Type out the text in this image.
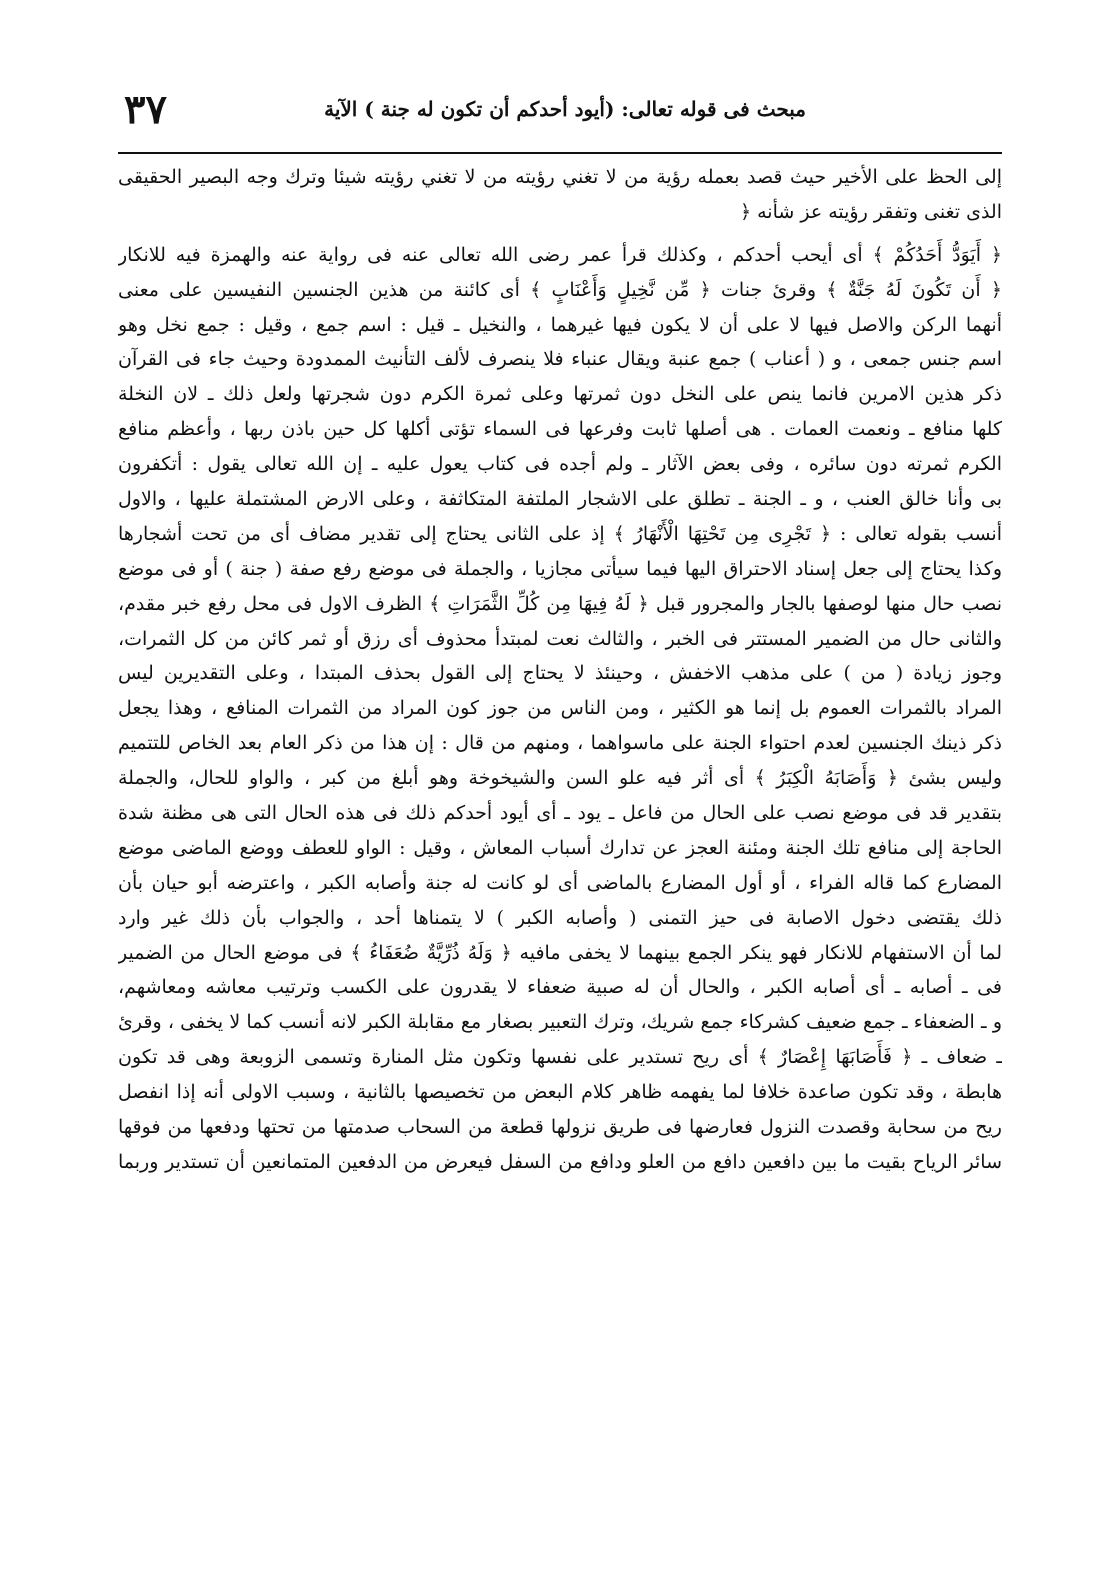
مبحث فى قوله تعالى: (أيود أحدكم أن تكون له جنة ) الآية
٣٧
إلى الحظ على الأخير حيث قصد بعمله رؤية من لا تغني رؤيته من لا تغني رؤيته شيئا وترك وجه البصير الحقيقى
الذى تغنى وتفقر رؤيته عز شأنه ﴿
﴿ أَيَوَدُّ أَحَدُكُمْ ﴾ أى أيحب أحدكم ، وكذلك قرأ عمر رضى الله تعالى عنه فى رواية عنه والهمزة فيه للانكار
﴿ أَن تَكُونَ لَهُ جَنَّةٌ ﴾ وقرئ جنات ﴿ مِّن نَّخِيلٍ وَأَعْنَابٍ ﴾ أى كائنة من هذين الجنسين النفيسين على معنى
أنهما الركن والاصل فيها لا على أن لا يكون فيها غيرهما ، والنخيل ـ قيل : اسم جمع ، وقيل : جمع نخل وهو
اسم جنس جمعى ، و ( أعناب ) جمع عنبة ويقال عنباء فلا ينصرف لألف التأنيث الممدودة وحيث جاء فى القرآن
ذكر هذين الامرين فانما ينص على النخل دون ثمرتها وعلى ثمرة الكرم دون شجرتها ولعل ذلك ـ لان النخلة
كلها منافع ـ ونعمت العمات . هى أصلها ثابت وفرعها فى السماء تؤتى أكلها كل حين باذن ربها ، وأعظم منافع
الكرم ثمرته دون سائره ، وفى بعض الآثار ـ ولم أجده فى كتاب يعول عليه ـ إن الله تعالى يقول : أتكفرون
بى وأنا خالق العنب ، و ـ الجنة ـ تطلق على الاشجار الملتفة المتكاثفة ، وعلى الارض المشتملة عليها ، والاول
أنسب بقوله تعالى : ﴿ تَجْرِى مِن تَحْتِهَا الْأَنْهَارُ ﴾ إذ على الثانى يحتاج إلى تقدير مضاف أى من تحت أشجارها
وكذا يحتاج إلى جعل إسناد الاحتراق اليها فيما سيأتى مجازيا ، والجملة فى موضع رفع صفة ( جنة ) أو فى موضع
نصب حال منها لوصفها بالجار والمجرور قبل ﴿ لَهُ فِيهَا مِن كُلِّ الثَّمَرَاتِ ﴾ الظرف الاول فى محل رفع خبر مقدم،
والثانى حال من الضمير المستتر فى الخبر ، والثالث نعت لمبتدأ محذوف أى رزق أو ثمر كائن من كل الثمرات،
وجوز زيادة ( من ) على مذهب الاخفش ، وحينئذ لا يحتاج إلى القول بحذف المبتدا ، وعلى التقديرين ليس
المراد بالثمرات العموم بل إنما هو الكثير ، ومن الناس من جوز كون المراد من الثمرات المنافع ، وهذا يجعل
ذكر ذينك الجنسين لعدم احتواء الجنة على ماسواهما ، ومنهم من قال : إن هذا من ذكر العام بعد الخاص للتتميم
وليس بشئ ﴿ وَأَصَابَهُ الْكِبَرُ ﴾ أى أثر فيه علو السن والشيخوخة وهو أبلغ من كبر ، والواو للحال، والجملة
بتقدير قد فى موضع نصب على الحال من فاعل ـ يود ـ أى أيود أحدكم ذلك فى هذه الحال التى هى مظنة شدة
الحاجة إلى منافع تلك الجنة ومئنة العجز عن تدارك أسباب المعاش ، وقيل : الواو للعطف ووضع الماضى موضع
المضارع كما قاله الفراء ، أو أول المضارع بالماضى أى لو كانت له جنة وأصابه الكبر ، واعترضه أبو حيان بأن
ذلك يقتضى دخول الاصابة فى حيز التمنى ( وأصابه الكبر ) لا يتمناها أحد ، والجواب بأن ذلك غير وارد
لما أن الاستفهام للانكار فهو ينكر الجمع بينهما لا يخفى مافيه ﴿ وَلَهُ ذُرِّيَّةٌ ضُعَفَاءُ ﴾ فى موضع الحال من الضمير
فى ـ أصابه ـ أى أصابه الكبر ، والحال أن له صبية ضعفاء لا يقدرون على الكسب وترتيب معاشه ومعاشهم،
و ـ الضعفاء ـ جمع ضعيف كشركاء جمع شريك، وترك التعبير بصغار مع مقابلة الكبر لانه أنسب كما لا يخفى ، وقرئ
ـ ضعاف ـ ﴿ فَأَصَابَهَا إِعْصَارٌ ﴾ أى ريح تستدير على نفسها وتكون مثل المنارة وتسمى الزوبعة وهى قد تكون
هابطة ، وقد تكون صاعدة خلافا لما يفهمه ظاهر كلام البعض من تخصيصها بالثانية ، وسبب الاولى أنه إذا انفصل
ريح من سحابة وقصدت النزول فعارضها فى طريق نزولها قطعة من السحاب صدمتها من تحتها ودفعها من فوقها
سائر الرياح بقيت ما بين دافعين دافع من العلو ودافع من السفل فيعرض من الدفعين المتمانعين أن تستدير وربما
